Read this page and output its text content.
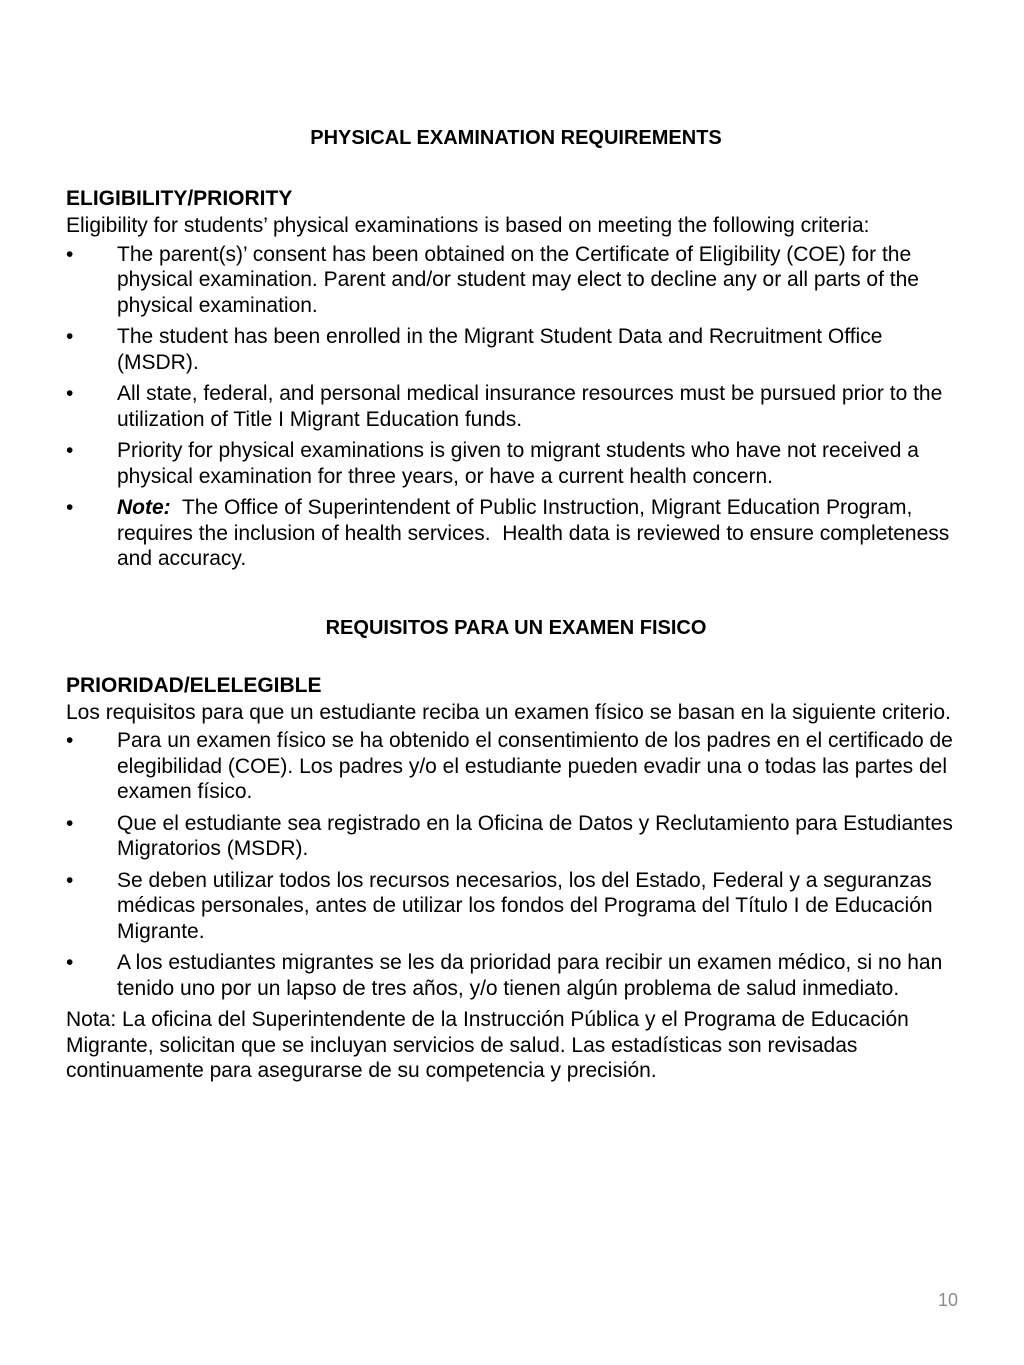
PHYSICAL EXAMINATION REQUIREMENTS

ELIGIBILITY/PRIORITY

Eligibility for students’ physical examinations is based on meeting the following criteria:

•	The parent(s)’ consent has been obtained on the Certificate of Eligibility (COE) for the physical examination. Parent and/or student may elect to decline any or all parts of the physical examination.
•	The student has been enrolled in the Migrant Student Data and Recruitment Office (MSDR).
•	All state, federal, and personal medical insurance resources must be pursued prior to the utilization of Title I Migrant Education funds.
•	Priority for physical examinations is given to migrant students who have not received a physical examination for three years, or have a current health concern.
•	Note:  The Office of Superintendent of Public Instruction, Migrant Education Program, requires the inclusion of health services.  Health data is reviewed to ensure completeness and accuracy.

REQUISITOS PARA UN EXAMEN FISICO

PRIORIDAD/ELELEGIBLE

Los requisitos para que un estudiante reciba un examen físico se basan en la siguiente criterio.

•	Para un examen físico se ha obtenido el consentimiento de los padres en el certificado de elegibilidad (COE). Los padres y/o el estudiante pueden evadir una o todas las partes del examen físico.
•	Que el estudiante sea registrado en la Oficina de Datos y Reclutamiento para Estudiantes Migratorios (MSDR).
•	Se deben utilizar todos los recursos necesarios, los del Estado, Federal y a seguranzas médicas personales, antes de utilizar los fondos del Programa del Título I de Educación Migrante.
•	A los estudiantes migrantes se les da prioridad para recibir un examen médico, si no han tenido uno por un lapso de tres años, y/o tienen algún problema de salud inmediato.

Nota: La oficina del Superintendente de la Instrucción Pública y el Programa de Educación Migrante, solicitan que se incluyan servicios de salud. Las estadísticas son revisadas continuamente para asegurarse de su competencia y precisión.

10
